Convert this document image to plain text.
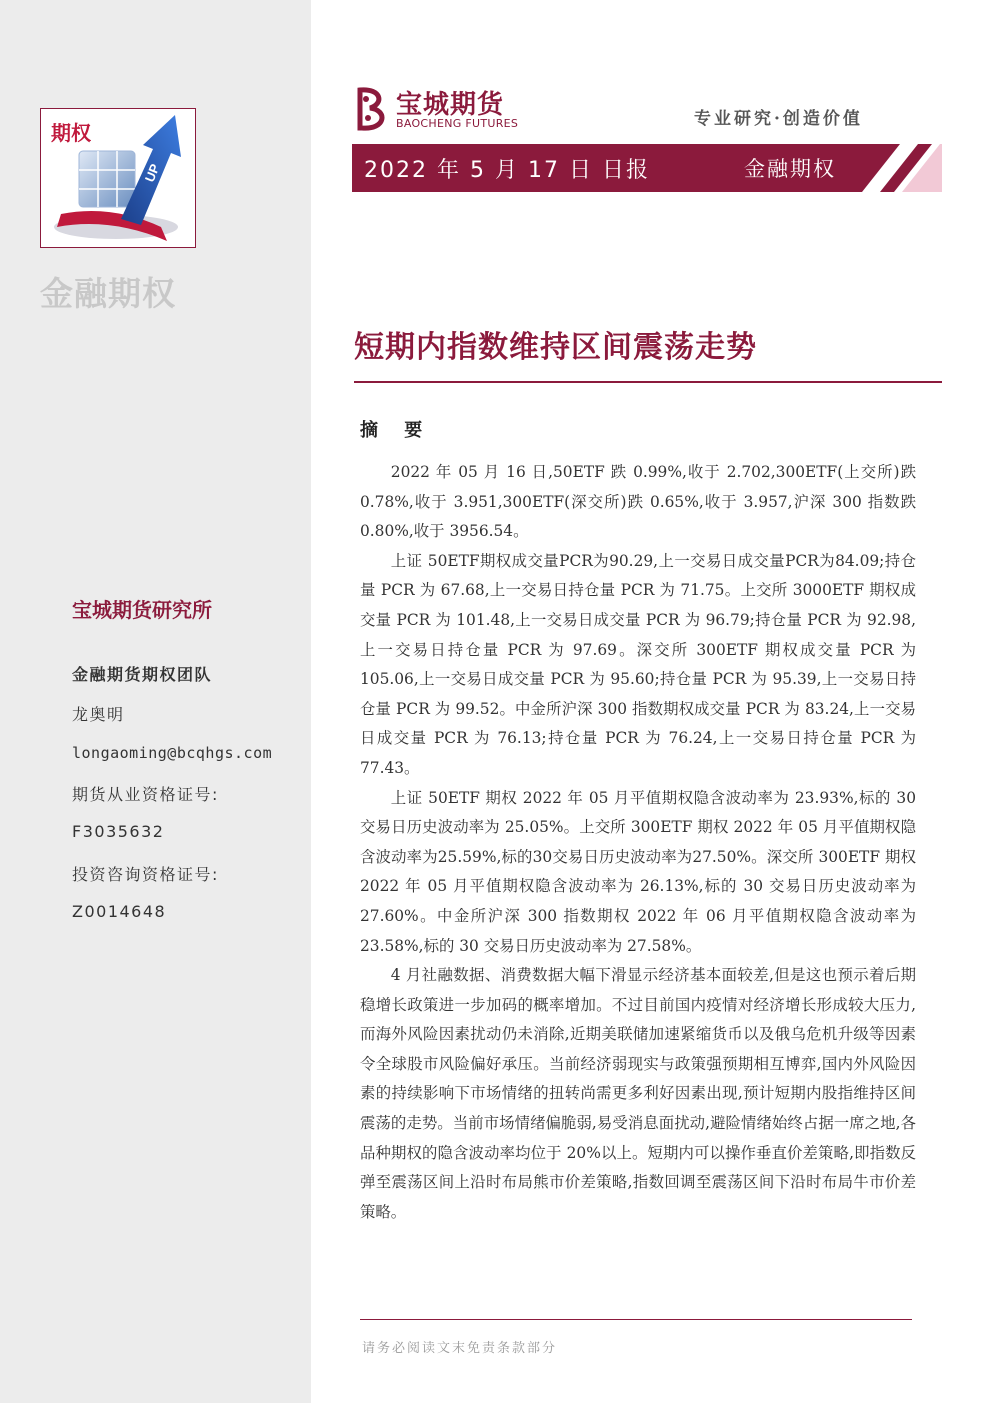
UP
期权
金融期权
宝城期货研究所
金融期货期权团队
龙奥明
longaoming@bcqhgs.com
期货从业资格证号:
F3035632
投资咨询资格证号:
Z0014648
宝城期货
BAOCHENG FUTURES	专业研究·创造价值
2022 年 5 月 17 日 日报	金融期权
短期内指数维持区间震荡走势
摘 要

2022 年 05 月 16 日,50ETF 跌 0.99%,收于 2.702,300ETF(上交所)跌 0.78%,收于 3.951,300ETF(深交所)跌 0.65%,收于 3.957,沪深 300 指数跌 0.80%,收于 3956.54。

上证 50ETF期权成交量PCR为90.29,上一交易日成交量PCR为84.09;持仓量 PCR 为 67.68,上一交易日持仓量 PCR 为 71.75。上交所 3000ETF 期权成交量 PCR 为 101.48,上一交易日成交量 PCR 为 96.79;持仓量 PCR 为 92.98,上一交易日持仓量 PCR 为 97.69。深交所 300ETF 期权成交量 PCR 为 105.06,上一交易日成交量 PCR 为 95.60;持仓量 PCR 为 95.39,上一交易日持仓量 PCR 为 99.52。中金所沪深 300 指数期权成交量 PCR 为 83.24,上一交易日成交量 PCR 为 76.13;持仓量 PCR 为 76.24,上一交易日持仓量 PCR 为 77.43。

上证 50ETF 期权 2022 年 05 月平值期权隐含波动率为 23.93%,标的 30 交易日历史波动率为 25.05%。上交所 300ETF 期权 2022 年 05 月平值期权隐含波动率为25.59%,标的30交易日历史波动率为27.50%。深交所 300ETF 期权 2022 年 05 月平值期权隐含波动率为 26.13%,标的 30 交易日历史波动率为 27.60%。中金所沪深 300 指数期权 2022 年 06 月平值期权隐含波动率为 23.58%,标的 30 交易日历史波动率为 27.58%。

4 月社融数据、消费数据大幅下滑显示经济基本面较差,但是这也预示着后期稳增长政策进一步加码的概率增加。不过目前国内疫情对经济增长形成较大压力,而海外风险因素扰动仍未消除,近期美联储加速紧缩货币以及俄乌危机升级等因素令全球股市风险偏好承压。当前经济弱现实与政策强预期相互博弈,国内外风险因素的持续影响下市场情绪的扭转尚需更多利好因素出现,预计短期内股指维持区间震荡的走势。当前市场情绪偏脆弱,易受消息面扰动,避险情绪始终占据一席之地,各品种期权的隐含波动率均位于 20%以上。短期内可以操作垂直价差策略,即指数反弹至震荡区间上沿时布局熊市价差策略,指数回调至震荡区间下沿时布局牛市价差策略。

请务必阅读文末免责条款部分
